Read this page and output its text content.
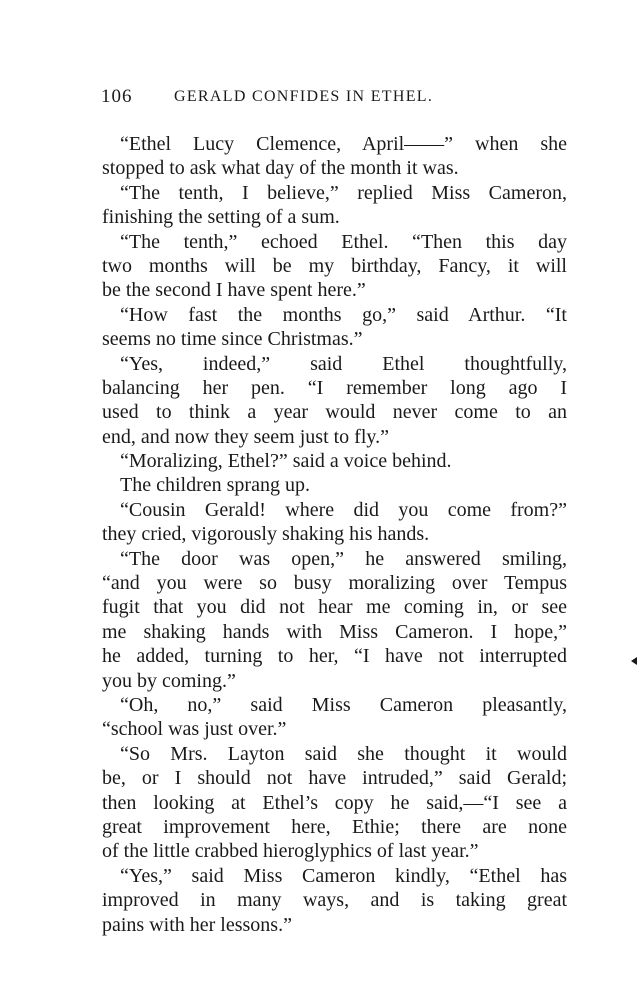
106	GERALD CONFIDES IN ETHEL.
“Ethel Lucy Clemence, April——” when she
stopped to ask what day of the month it was.
“The tenth, I believe,” replied Miss Cameron,
finishing the setting of a sum.
“The tenth,” echoed Ethel. “Then this day
two months will be my birthday, Fancy, it will
be the second I have spent here.”
“How fast the months go,” said Arthur. “It
seems no time since Christmas.”
“Yes, indeed,” said Ethel thoughtfully,
balancing her pen. “I remember long ago I
used to think a year would never come to an
end, and now they seem just to fly.”
“Moralizing, Ethel?” said a voice behind.
The children sprang up.
“Cousin Gerald! where did you come from?”
they cried, vigorously shaking his hands.
“The door was open,” he answered smiling,
“and you were so busy moralizing over Tempus
fugit that you did not hear me coming in, or see
me shaking hands with Miss Cameron. I hope,”
he added, turning to her, “I have not interrupted
you by coming.”
“Oh, no,” said Miss Cameron pleasantly,
“school was just over.”
“So Mrs. Layton said she thought it would
be, or I should not have intruded,” said Gerald;
then looking at Ethel’s copy he said,—“I see a
great improvement here, Ethie; there are none
of the little crabbed hieroglyphics of last year.”
“Yes,” said Miss Cameron kindly, “Ethel has
improved in many ways, and is taking great
pains with her lessons.”
